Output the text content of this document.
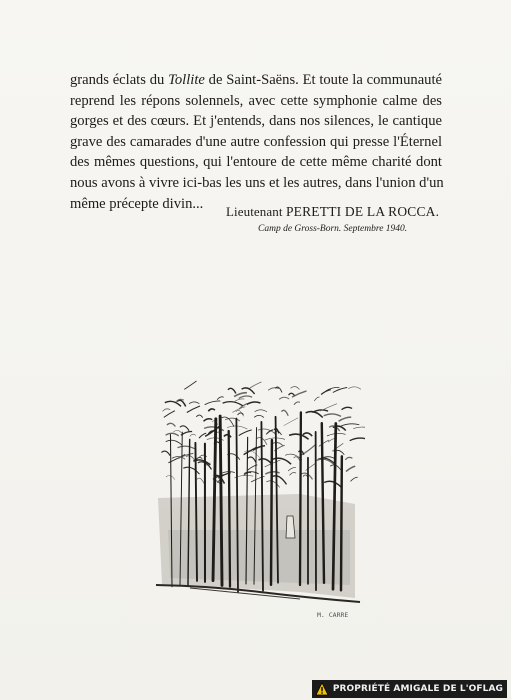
grands éclats du Tollite de Saint-Saëns. Et toute la communauté
reprend les répons solennels, avec cette symphonie calme des
gorges et des cœurs. Et j'entends, dans nos silences, le cantique
grave des camarades d'une autre confession qui presse l'Éternel
des mêmes questions, qui l'entoure de cette même charité dont
nous avons à vivre ici-bas les uns et les autres, dans l'union d'un
même précepte divin...	Lieutenant PERETTI DE LA ROCCA.
Camp de Gross-Born. Septembre 1940.
M. CARRE
PROPRIÉTÉ AMIGALE DE L'OFLAG
